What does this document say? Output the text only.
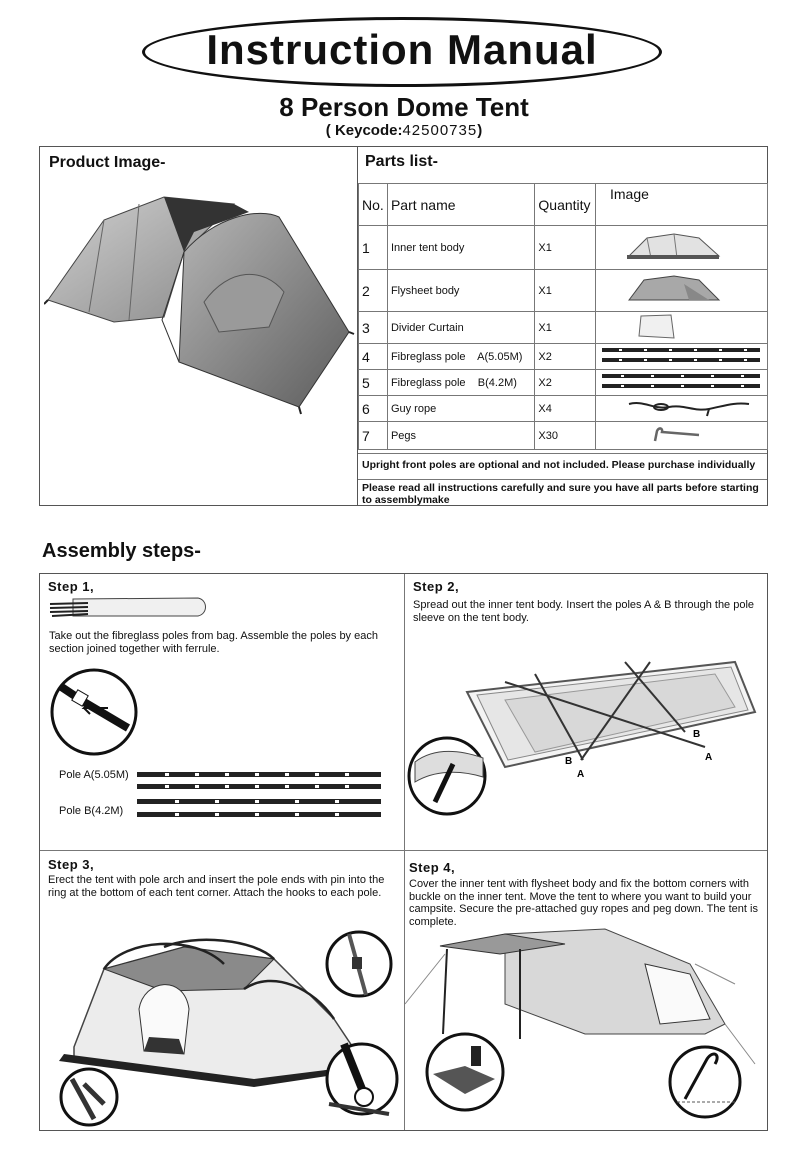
Instruction Manual
8 Person Dome Tent
( Keycode:42500735)
Product Image-	Parts list-
No.	Part name	Quantity	Image
1	Inner tent body	X1	
2	Flysheet body	X1	
3	Divider Curtain	X1	
4	Fibreglass pole    A(5.05M)	X2	
5	Fibreglass pole    B(4.2M)	X2	
6	Guy rope	X4	
7	Pegs	X30	
Upright front poles are optional and not included. Please purchase individually
Please read all instructions carefully and sure you have all parts before starting to assemblymake
Assembly steps-
Step 1,
Take out the fibreglass poles from bag. Assemble the poles by each section joined together with ferrule.
Pole A(5.05M)
Pole B(4.2M)
Step 2,
Spread out the inner tent body. Insert the poles A & B through the pole sleeve on the tent body.
B
A
B
A
Step 3,
Erect the tent with pole arch and insert the pole ends with pin into the ring at the bottom of each tent corner. Attach the hooks to each pole.
Step 4,
Cover the inner tent with flysheet body and fix the bottom corners with buckle on the inner tent. Move the tent to where you want to build your campsite. Secure the pre-attached guy ropes and peg down. The tent is complete.
